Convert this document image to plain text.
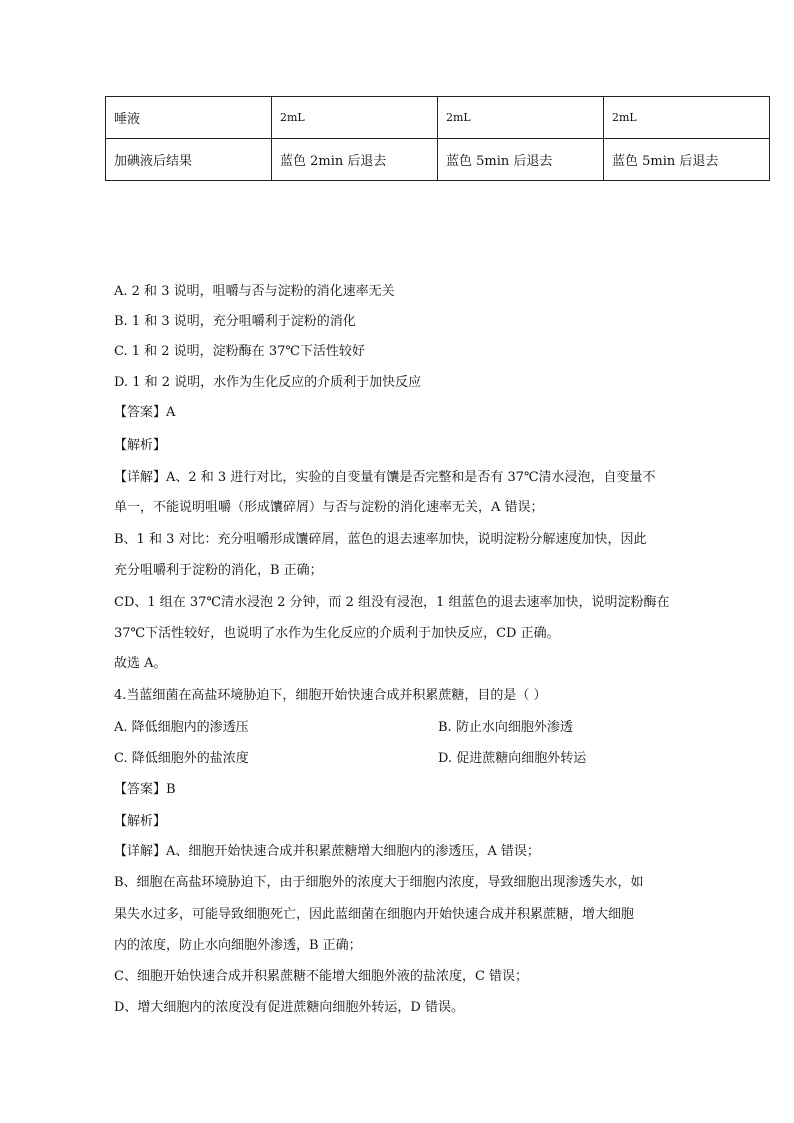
唾液	2mL	2mL	2mL
加碘液后结果	蓝色 2min 后退去	蓝色 5min 后退去	蓝色 5min 后退去
A. 2 和 3 说明，咀嚼与否与淀粉的消化速率无关
B. 1 和 3 说明，充分咀嚼利于淀粉的消化
C. 1 和 2 说明，淀粉酶在 37℃下活性较好
D. 1 和 2 说明，水作为生化反应的介质利于加快反应
【答案】A
【解析】
【详解】A、2 和 3 进行对比，实验的自变量有馕是否完整和是否有 37℃清水浸泡，自变量不
单一，不能说明咀嚼（形成馕碎屑）与否与淀粉的消化速率无关，A 错误；
B、1 和 3 对比：充分咀嚼形成馕碎屑，蓝色的退去速率加快，说明淀粉分解速度加快，因此
充分咀嚼利于淀粉的消化，B 正确；
CD、1 组在 37℃清水浸泡 2 分钟，而 2 组没有浸泡，1 组蓝色的退去速率加快，说明淀粉酶在
37℃下活性较好，也说明了水作为生化反应的介质利于加快反应，CD 正确。
故选 A。
4.当蓝细菌在高盐环境胁迫下，细胞开始快速合成并积累蔗糖，目的是（ ）
A. 降低细胞内的渗透压	B. 防止水向细胞外渗透
C. 降低细胞外的盐浓度	D. 促进蔗糖向细胞外转运
【答案】B
【解析】
【详解】A、细胞开始快速合成并积累蔗糖增大细胞内的渗透压，A 错误；
B、细胞在高盐环境胁迫下，由于细胞外的浓度大于细胞内浓度，导致细胞出现渗透失水，如
果失水过多，可能导致细胞死亡，因此蓝细菌在细胞内开始快速合成并积累蔗糖，增大细胞
内的浓度，防止水向细胞外渗透，B 正确；
C、细胞开始快速合成并积累蔗糖不能增大细胞外液的盐浓度，C 错误；
D、增大细胞内的浓度没有促进蔗糖向细胞外转运，D 错误。
